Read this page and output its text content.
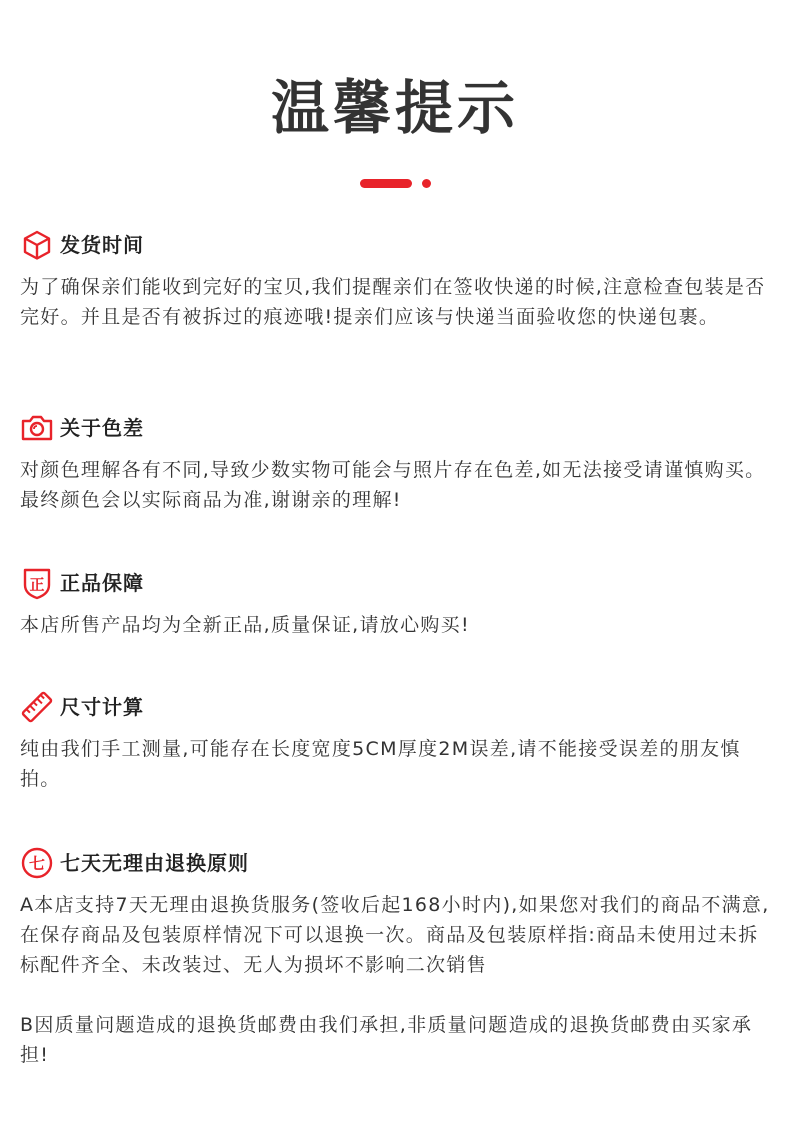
温馨提示
发货时间
为了确保亲们能收到完好的宝贝,我们提醒亲们在签收快递的时候,注意检查包装是否完好。并且是否有被拆过的痕迹哦!提亲们应该与快递当面验收您的快递包裹。
关于色差
对颜色理解各有不同,导致少数实物可能会与照片存在色差,如无法接受请谨慎购买。最终颜色会以实际商品为准,谢谢亲的理解!
正 正品保障
本店所售产品均为全新正品,质量保证,请放心购买!
尺寸计算
纯由我们手工测量,可能存在长度宽度5CM厚度2M误差,请不能接受误差的朋友慎拍。
七 七天无理由退换原则
A本店支持7天无理由退换货服务(签收后起168小时内),如果您对我们的商品不满意,在保存商品及包装原样情况下可以退换一次。商品及包装原样指:商品未使用过未拆标配件齐全、未改装过、无人为损坏不影响二次销售
B因质量问题造成的退换货邮费由我们承担,非质量问题造成的退换货邮费由买家承担!
